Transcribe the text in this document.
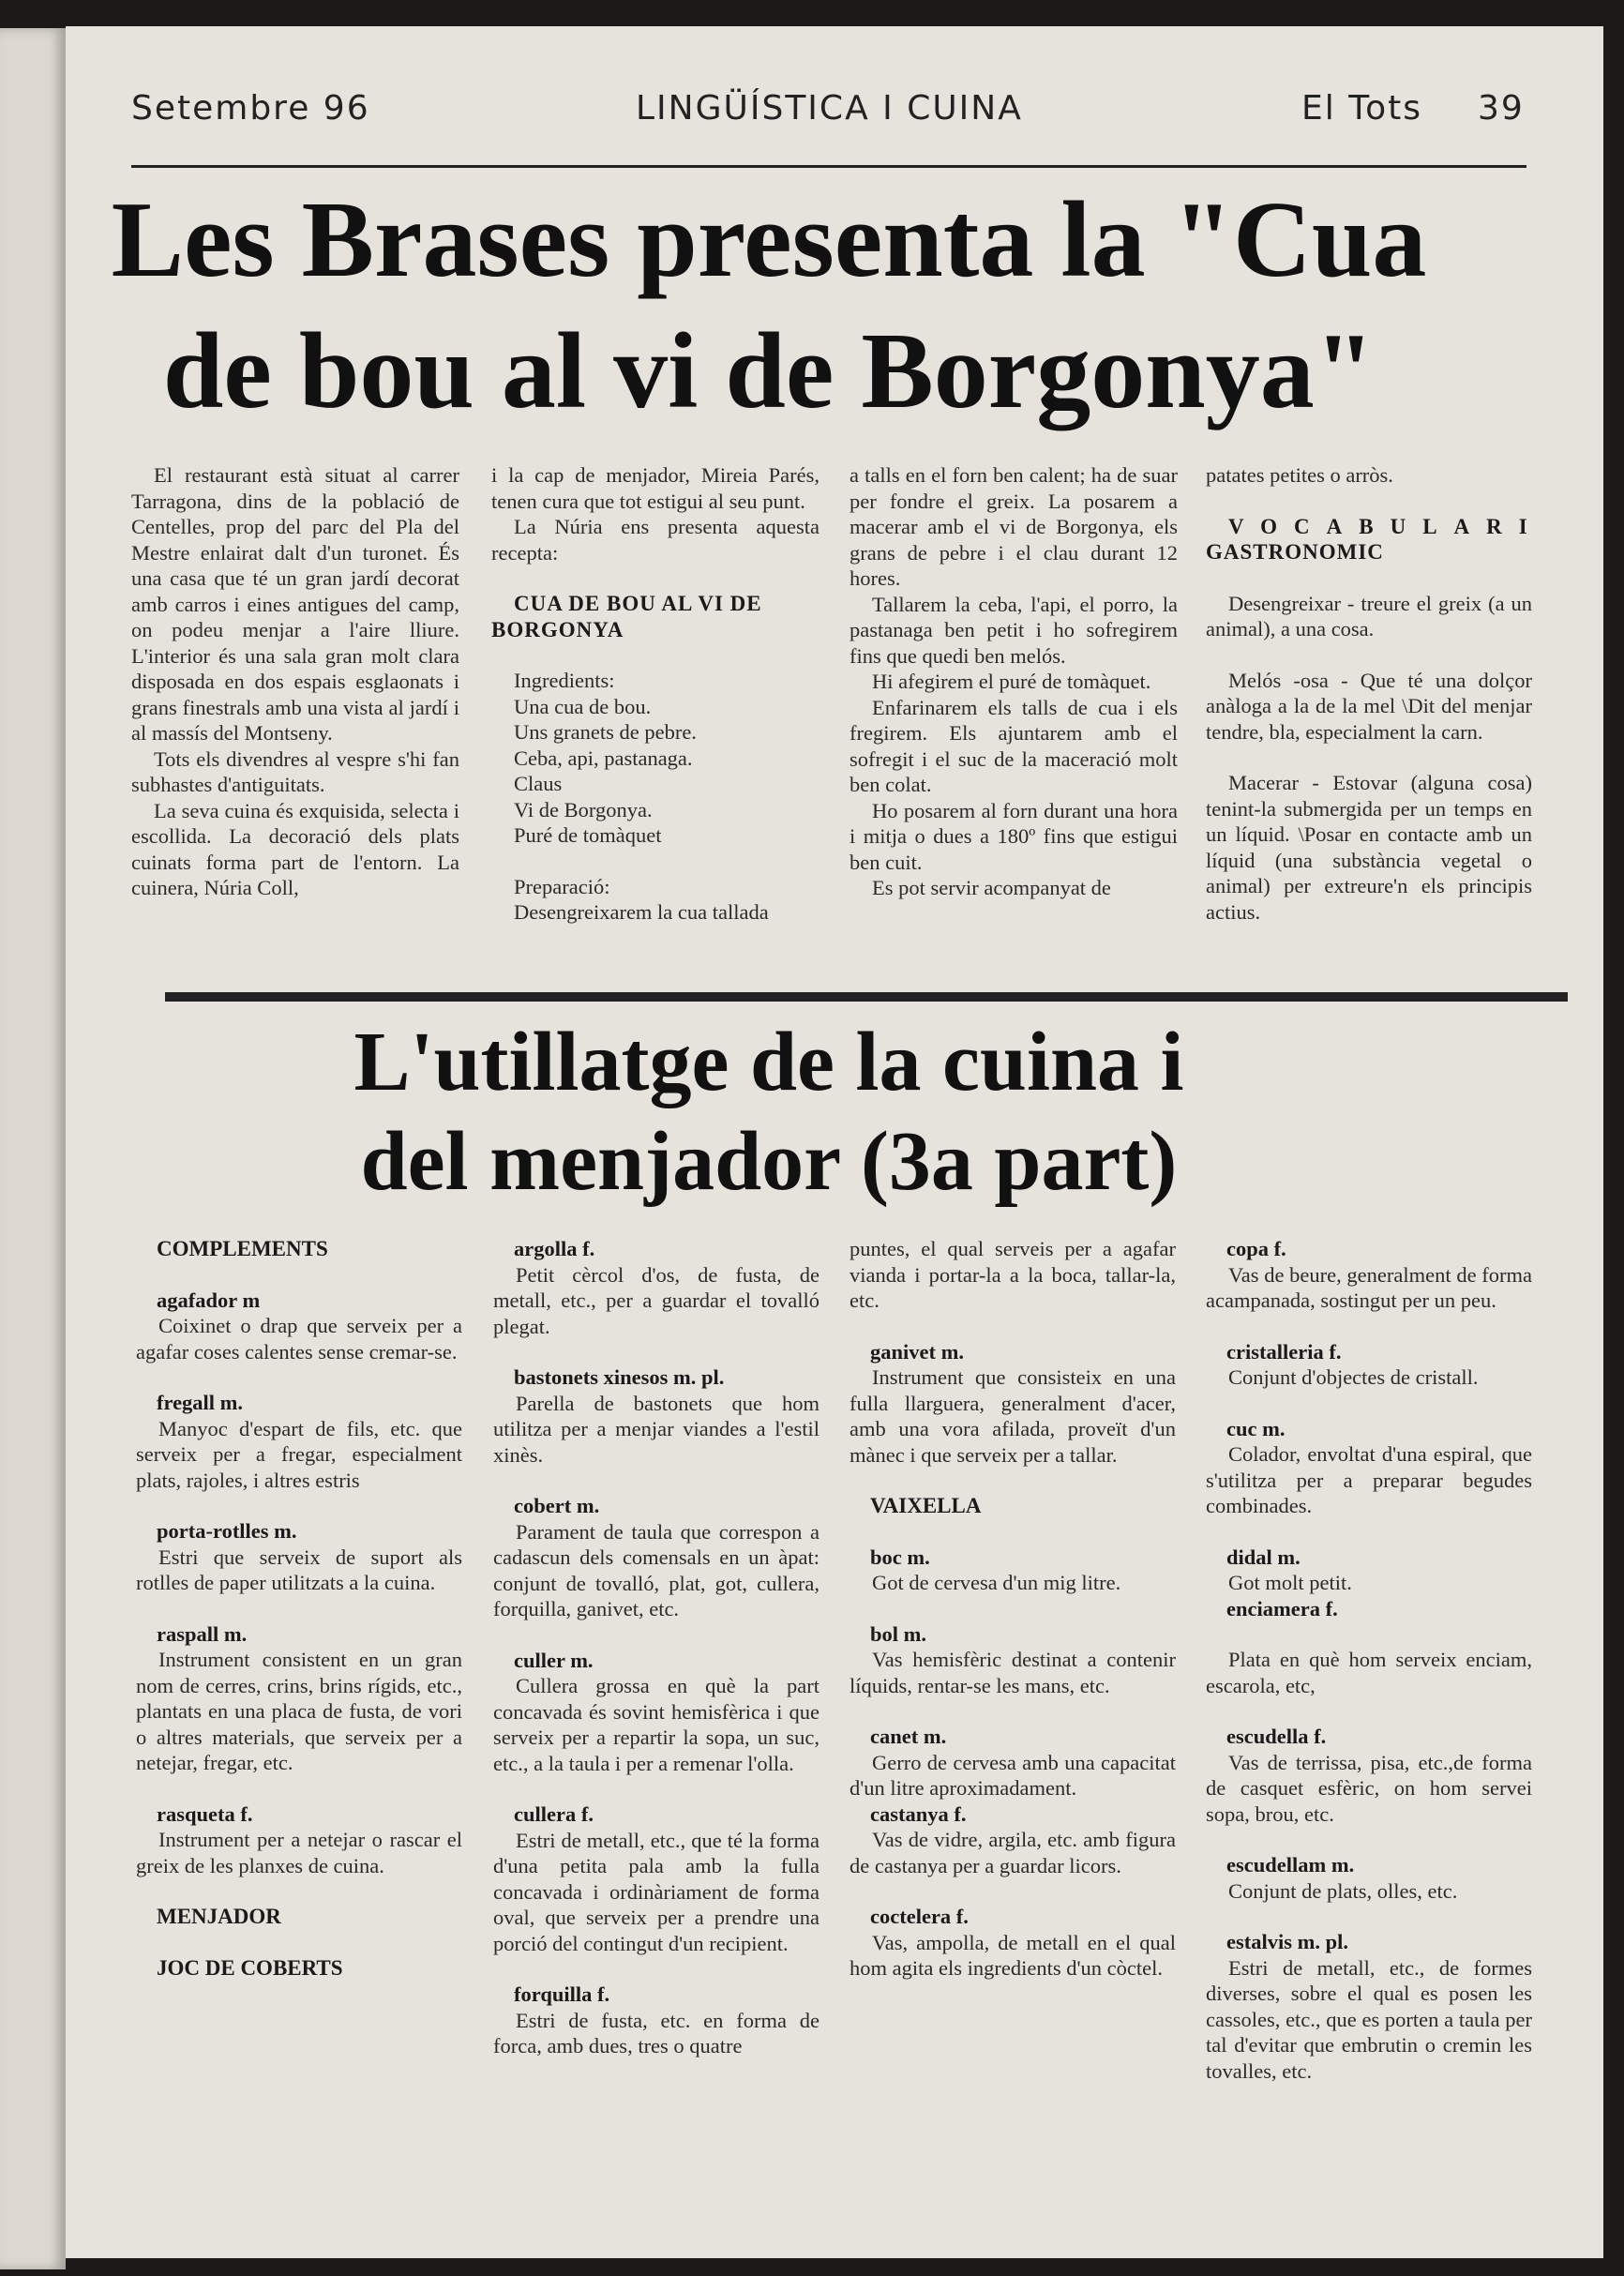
Setembre 96	LINGÜÍSTICA I CUINA	El Tots 39
Les Brases presenta la "Cua
de bou al vi de Borgonya"

El restaurant està situat al carrer Tarragona, dins de la població de Centelles, prop del parc del Pla del Mestre enlairat dalt d'un turonet. És una casa que té un gran jardí decorat amb carros i eines antigues del camp, on podeu menjar a l'aire lliure. L'interior és una sala gran molt clara disposada en dos espais esglaonats i grans finestrals amb una vista al jardí i al massís del Montseny.

Tots els divendres al vespre s'hi fan subhastes d'antiguitats.

La seva cuina és exquisida, selecta i escollida. La decoració dels plats cuinats forma part de l'entorn. La cuinera, Núria Coll,

i la cap de menjador, Mireia Parés, tenen cura que tot estigui al seu punt.

La Núria ens presenta aquesta recepta:

CUA DE BOU AL VI DE BORGONYA

Ingredients:

Una cua de bou.

Uns granets de pebre.

Ceba, api, pastanaga.

Claus

Vi de Borgonya.

Puré de tomàquet

Preparació:

Desengreixarem la cua tallada

a talls en el forn ben calent; ha de suar per fondre el greix. La posarem a macerar amb el vi de Borgonya, els grans de pebre i el clau durant 12 hores.

Tallarem la ceba, l'api, el porro, la pastanaga ben petit i ho sofregirem fins que quedi ben melós.

Hi afegirem el puré de tomàquet.

Enfarinarem els talls de cua i els fregirem. Els ajuntarem amb el sofregit i el suc de la maceració molt ben colat.

Ho posarem al forn durant una hora i mitja o dues a 180º fins que estigui ben cuit.

Es pot servir acompanyat de

patates petites o arròs.

VOCABULARI
GASTRONOMIC

Desengreixar - treure el greix (a un animal), a una cosa.

Melós -osa - Que té una dolçor anàloga a la de la mel \Dit del menjar tendre, bla, especialment la carn.

Macerar - Estovar (alguna cosa) tenint-la submergida per un temps en un líquid. \Posar en contacte amb un líquid (una substància vegetal o animal) per extreure'n els principis actius.

L'utillatge de la cuina i
del menjador (3a part)
COMPLEMENTS
agafador m
Coixinet o drap que serveix per a agafar coses calentes sense cremar-se.
fregall m.
Manyoc d'espart de fils, etc. que serveix per a fregar, especialment plats, rajoles, i altres estris
porta-rotlles m.
Estri que serveix de suport als rotlles de paper utilitzats a la cuina.
raspall m.
Instrument consistent en un gran nom de cerres, crins, brins rígids, etc., plantats en una placa de fusta, de vori o altres materials, que serveix per a netejar, fregar, etc.
rasqueta f.
Instrument per a netejar o rascar el greix de les planxes de cuina.
MENJADOR
JOC DE COBERTS
argolla f.
Petit cèrcol d'os, de fusta, de metall, etc., per a guardar el tovalló plegat.
bastonets xinesos m. pl.
Parella de bastonets que hom utilitza per a menjar viandes a l'estil xinès.
cobert m.
Parament de taula que correspon a cadascun dels comensals en un àpat: conjunt de tovalló, plat, got, cullera, forquilla, ganivet, etc.
culler m.
Cullera grossa en què la part concavada és sovint hemisfèrica i que serveix per a repartir la sopa, un suc, etc., a la taula i per a remenar l'olla.
cullera f.
Estri de metall, etc., que té la forma d'una petita pala amb la fulla concavada i ordinàriament de forma oval, que serveix per a prendre una porció del contingut d'un recipient.
forquilla f.
Estri de fusta, etc. en forma de forca, amb dues, tres o quatre
puntes, el qual serveis per a agafar vianda i portar-la a la boca, tallar-la, etc.
ganivet m.
Instrument que consisteix en una fulla llarguera, generalment d'acer, amb una vora afilada, proveït d'un mànec i que serveix per a tallar.
VAIXELLA
boc m.
Got de cervesa d'un mig litre.
bol m.
Vas hemisfèric destinat a contenir líquids, rentar-se les mans, etc.
canet m.
Gerro de cervesa amb una capacitat d'un litre aproximadament.
castanya f.
Vas de vidre, argila, etc. amb figura de castanya per a guardar licors.
coctelera f.
Vas, ampolla, de metall en el qual hom agita els ingredients d'un còctel.
copa f.
Vas de beure, generalment de forma acampanada, sostingut per un peu.
cristalleria f.
Conjunt d'objectes de cristall.
cuc m.
Colador, envoltat d'una espiral, que s'utilitza per a preparar begudes combinades.
didal m.
Got molt petit.
enciamera f.
Plata en què hom serveix enciam, escarola, etc,
escudella f.
Vas de terrissa, pisa, etc.,de forma de casquet esfèric, on hom servei sopa, brou, etc.
escudellam m.
Conjunt de plats, olles, etc.
estalvis m. pl.
Estri de metall, etc., de formes diverses, sobre el qual es posen les cassoles, etc., que es porten a taula per tal d'evitar que embrutin o cremin les tovalles, etc.
